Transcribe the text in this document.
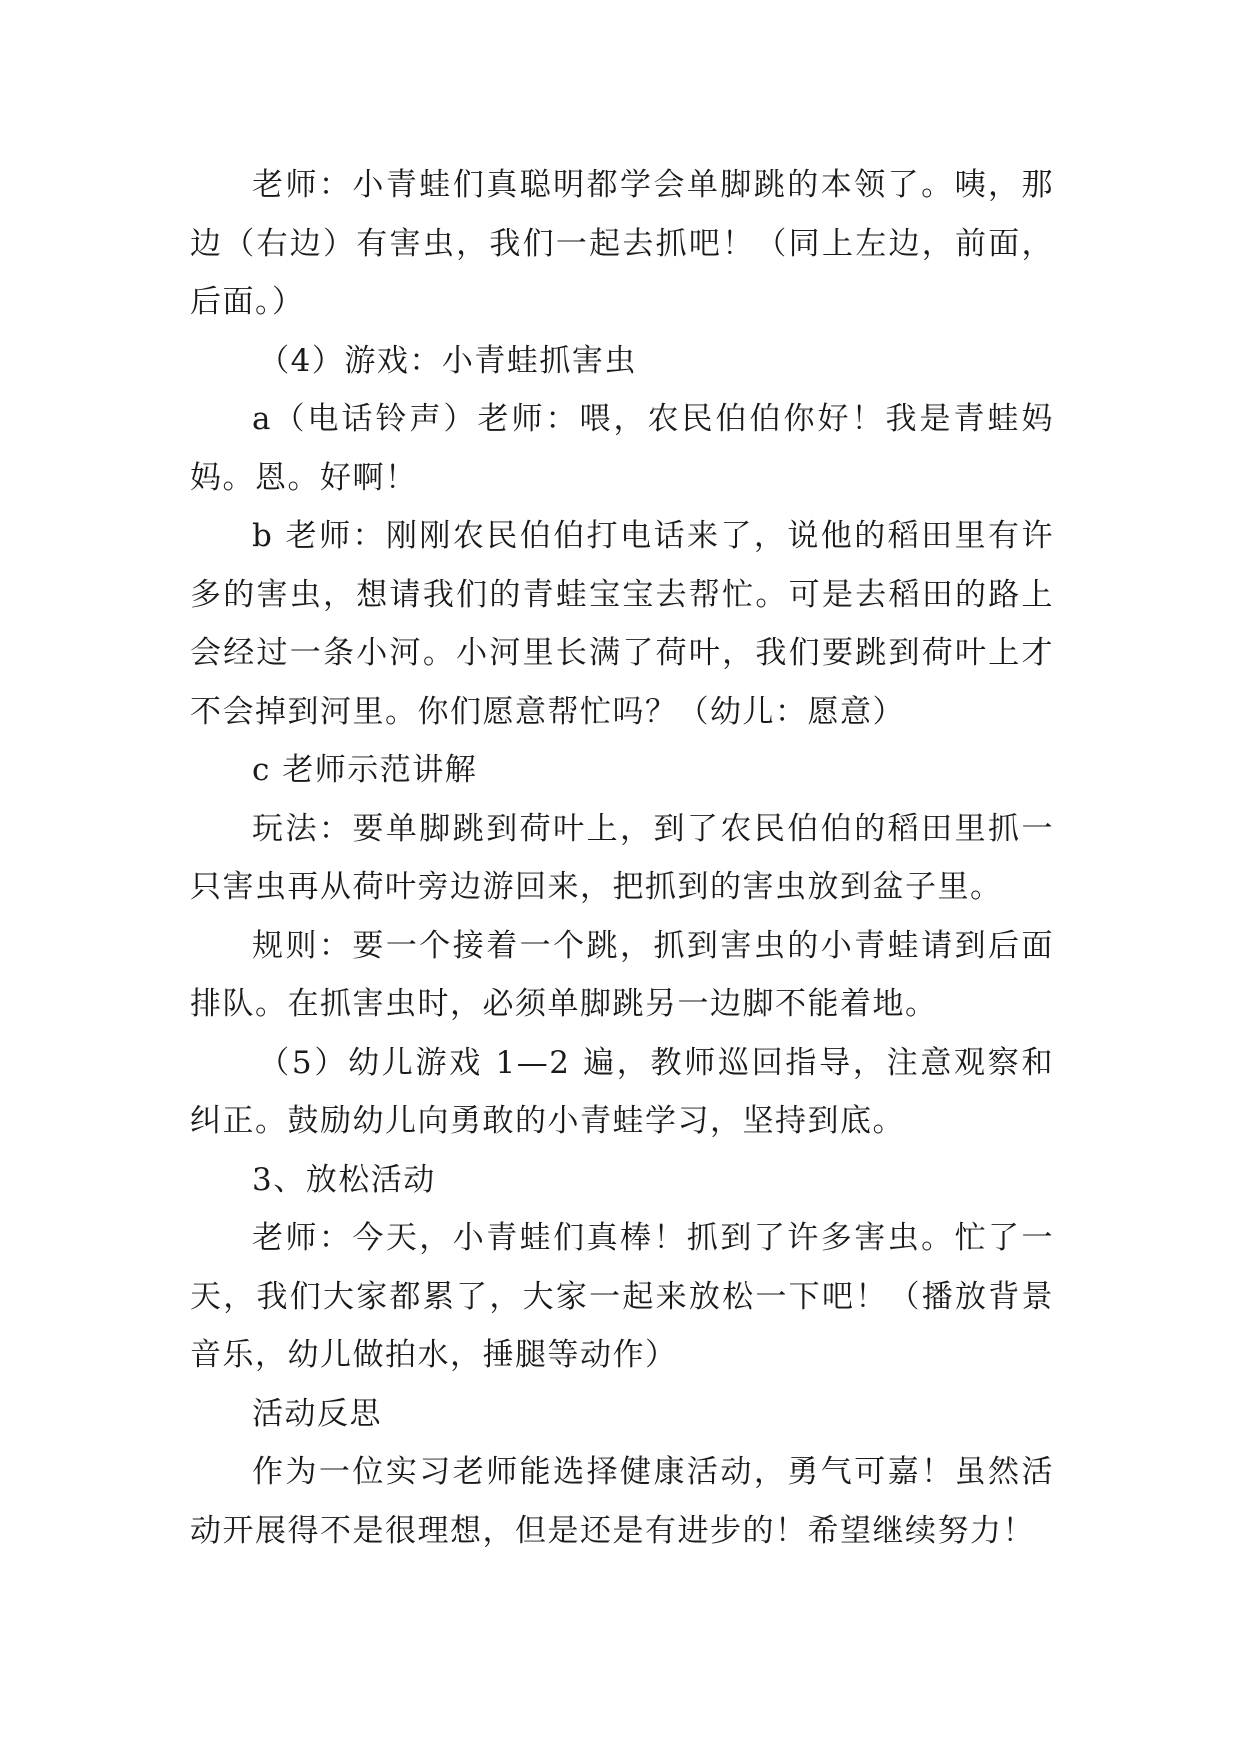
老师：小青蛙们真聪明都学会单脚跳的本领了。咦，那边（右边）有害虫，我们一起去抓吧！（同上左边，前面，后面。）

（4）游戏：小青蛙抓害虫

a（电话铃声）老师：喂，农民伯伯你好！我是青蛙妈妈。恩。好啊！

b 老师：刚刚农民伯伯打电话来了，说他的稻田里有许多的害虫，想请我们的青蛙宝宝去帮忙。可是去稻田的路上会经过一条小河。小河里长满了荷叶，我们要跳到荷叶上才不会掉到河里。你们愿意帮忙吗？（幼儿：愿意）

c 老师示范讲解

玩法：要单脚跳到荷叶上，到了农民伯伯的稻田里抓一只害虫再从荷叶旁边游回来，把抓到的害虫放到盆子里。

规则：要一个接着一个跳，抓到害虫的小青蛙请到后面排队。在抓害虫时，必须单脚跳另一边脚不能着地。

（5）幼儿游戏 1—2 遍，教师巡回指导，注意观察和纠正。鼓励幼儿向勇敢的小青蛙学习，坚持到底。

3、放松活动

老师：今天，小青蛙们真棒！抓到了许多害虫。忙了一天，我们大家都累了，大家一起来放松一下吧！（播放背景音乐，幼儿做拍水，捶腿等动作）

活动反思

作为一位实习老师能选择健康活动，勇气可嘉！虽然活动开展得不是很理想，但是还是有进步的！希望继续努力！
